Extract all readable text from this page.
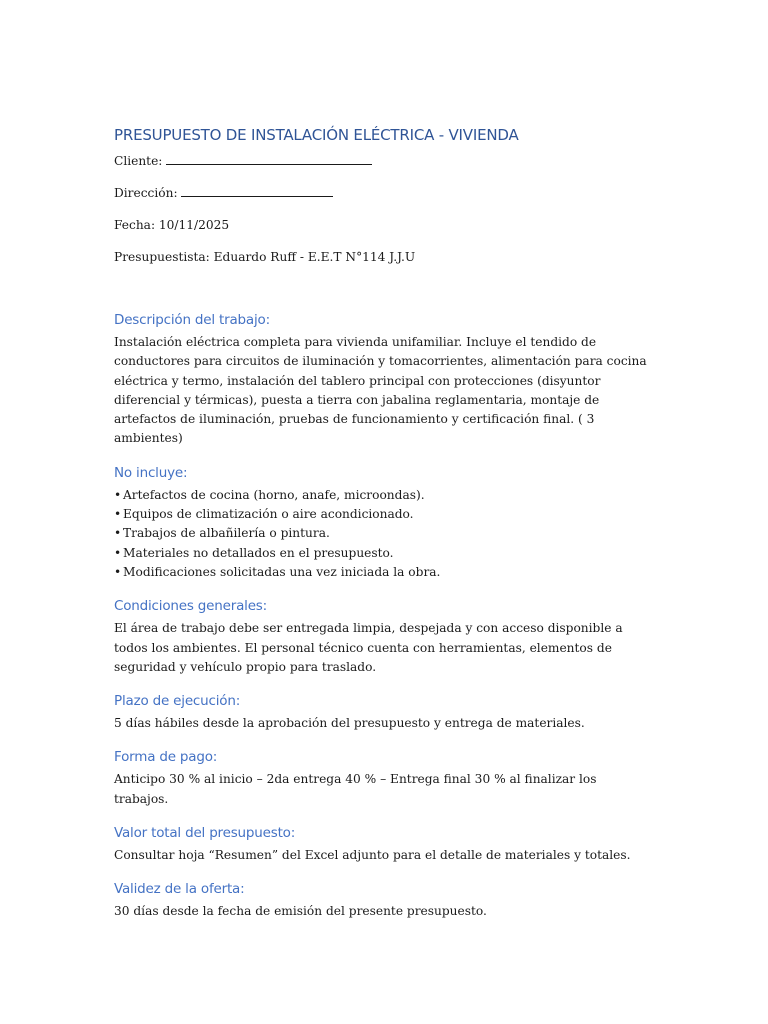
PRESUPUESTO DE INSTALACIÓN ELÉCTRICA - VIVIENDA

Cliente:

Dirección:

Fecha: 10/11/2025

Presupuestista: Eduardo Ruff - E.E.T N°114 J.J.U

Descripción del trabajo:

Instalación eléctrica completa para vivienda unifamiliar. Incluye el tendido de conductores para circuitos de iluminación y tomacorrientes, alimentación para cocina eléctrica y termo, instalación del tablero principal con protecciones (disyuntor diferencial y térmicas), puesta a tierra con jabalina reglamentaria, montaje de artefactos de iluminación, pruebas de funcionamiento y certificación final. ( 3 ambientes)

No incluye:
• Artefactos de cocina (horno, anafe, microondas).
• Equipos de climatización o aire acondicionado.
• Trabajos de albañilería o pintura.
• Materiales no detallados en el presupuesto.
• Modificaciones solicitadas una vez iniciada la obra.
Condiciones generales:

El área de trabajo debe ser entregada limpia, despejada y con acceso disponible a todos los ambientes. El personal técnico cuenta con herramientas, elementos de seguridad y vehículo propio para traslado.

Plazo de ejecución:

5 días hábiles desde la aprobación del presupuesto y entrega de materiales.

Forma de pago:

Anticipo 30 % al inicio – 2da entrega 40 % – Entrega final 30 % al finalizar los trabajos.

Valor total del presupuesto:

Consultar hoja “Resumen” del Excel adjunto para el detalle de materiales y totales.

Validez de la oferta:

30 días desde la fecha de emisión del presente presupuesto.
